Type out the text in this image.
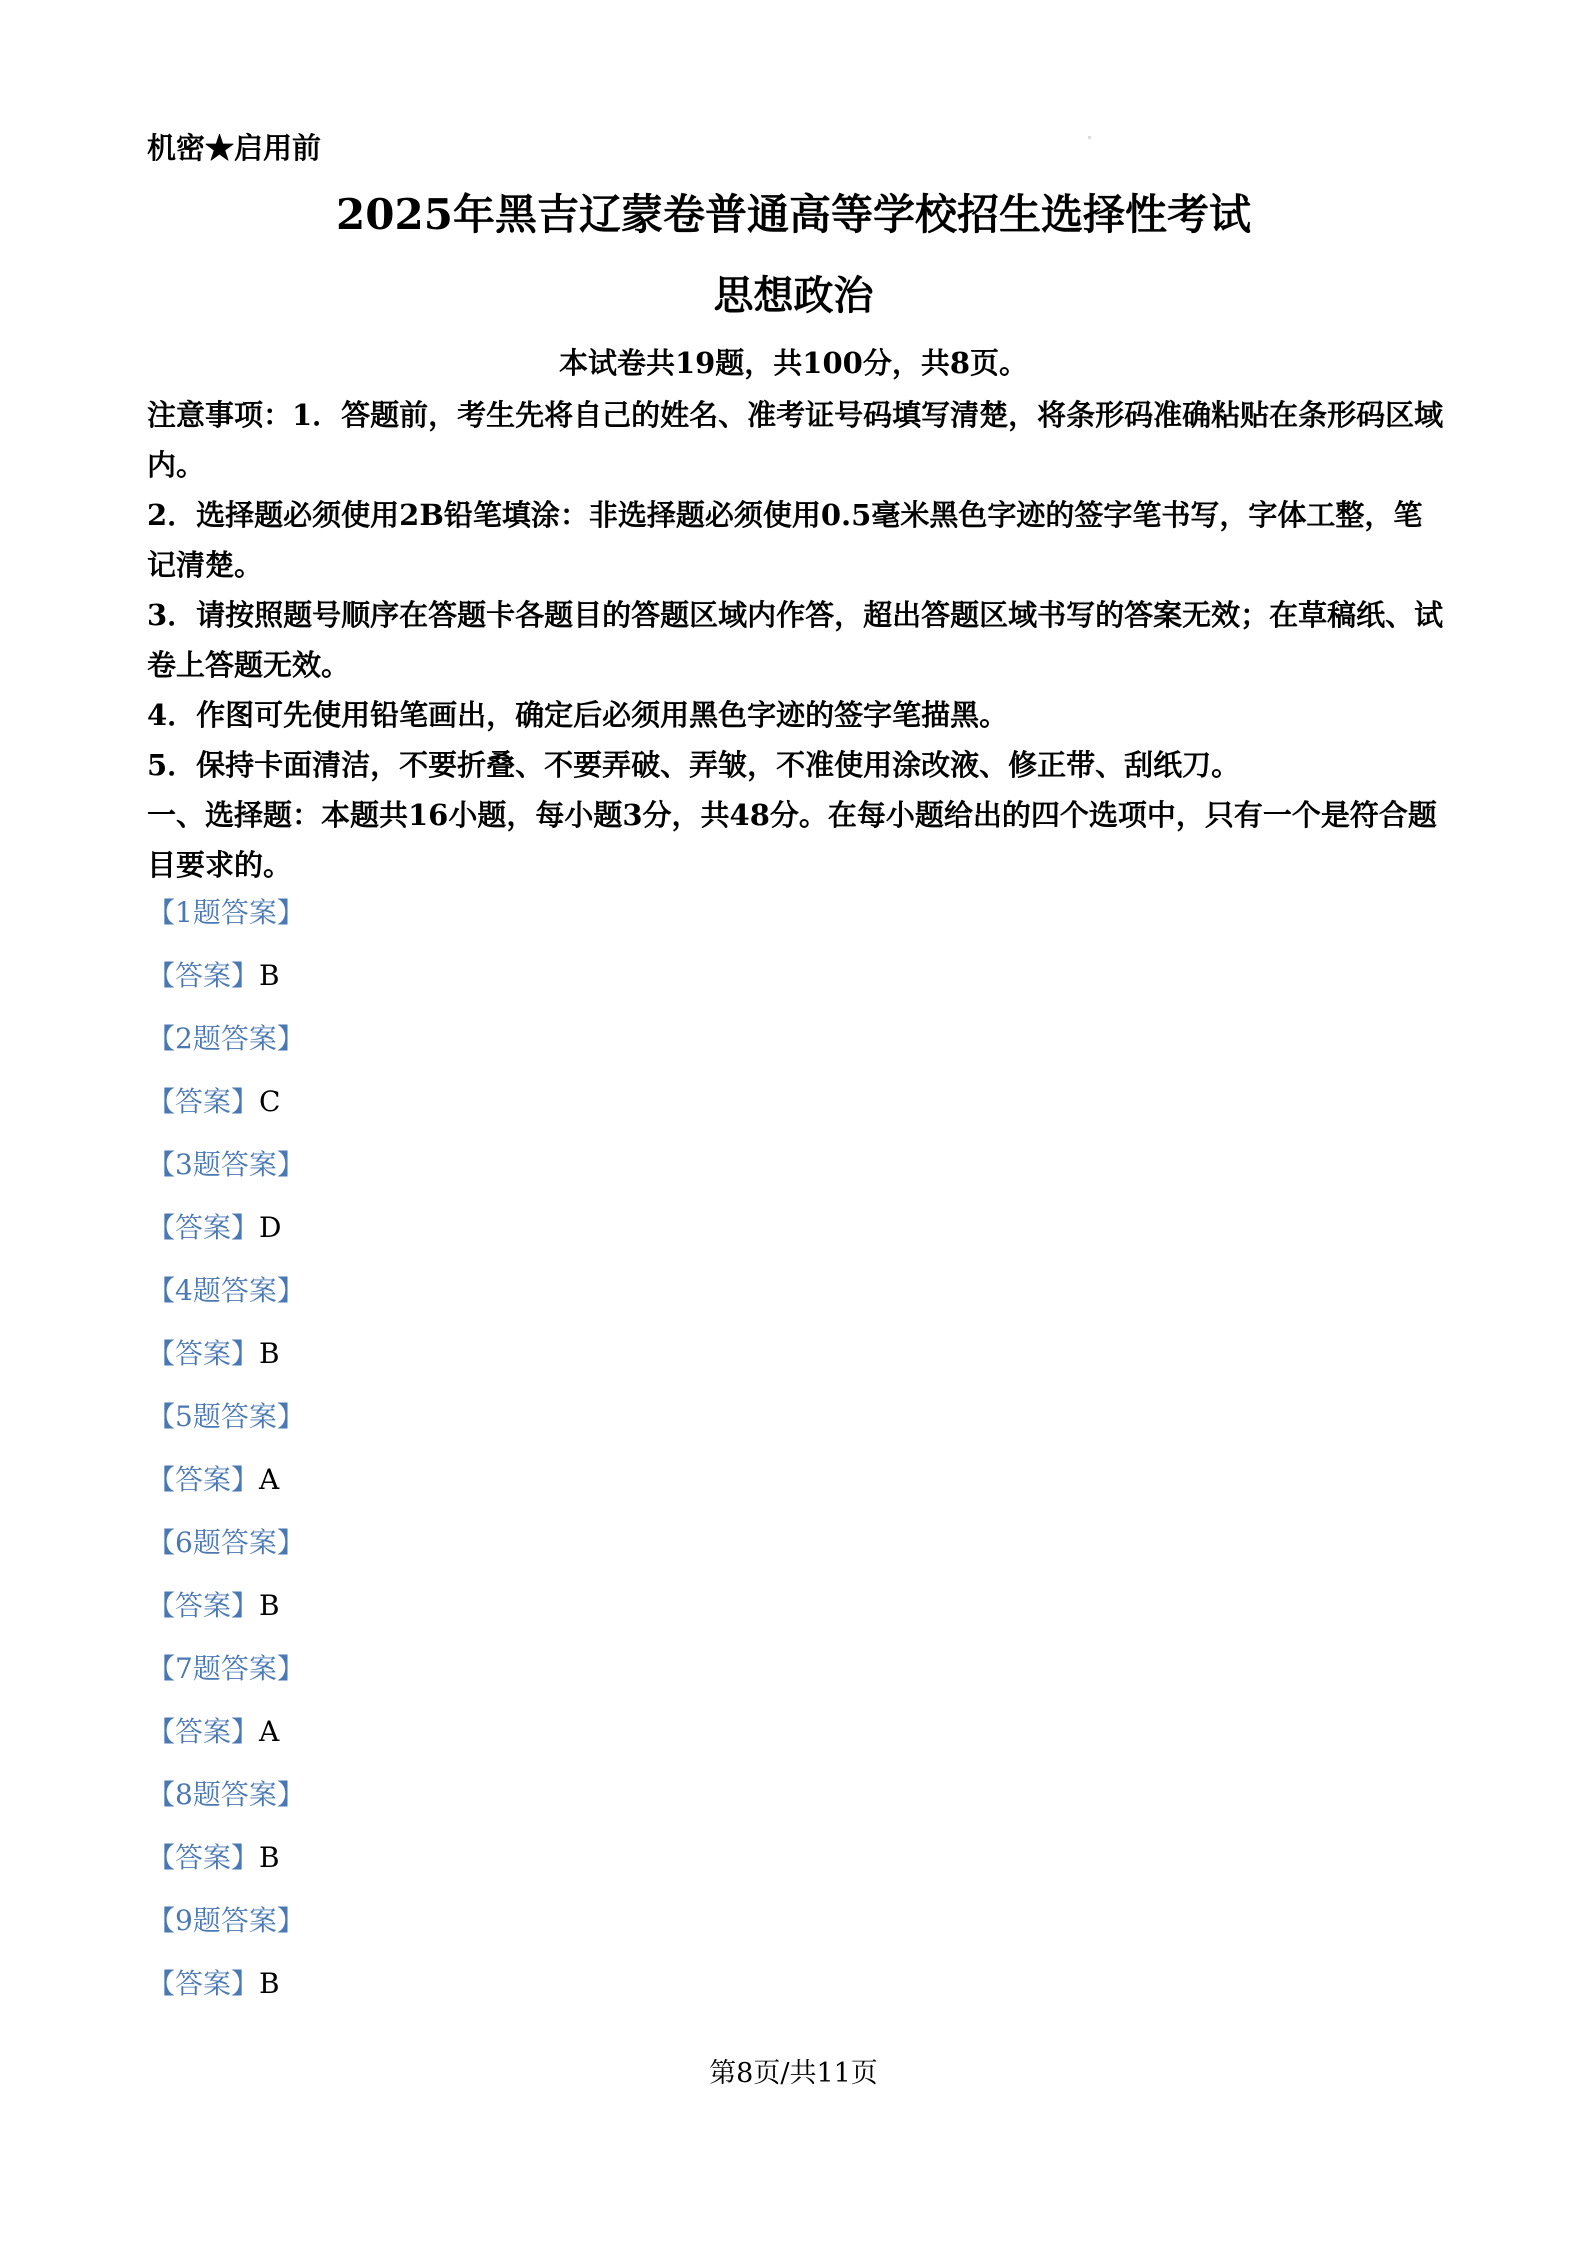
机密★启用前
2025年黑吉辽蒙卷普通高等学校招生选择性考试
思想政治
本试卷共19题，共100分，共8页。

注意事项：1．答题前，考生先将自己的姓名、准考证号码填写清楚，将条形码准确粘贴在条形码区域内。

2．选择题必须使用2B铅笔填涂：非选择题必须使用0.5毫米黑色字迹的签字笔书写，字体工整，笔记清楚。

3．请按照题号顺序在答题卡各题目的答题区域内作答，超出答题区域书写的答案无效；在草稿纸、试卷上答题无效。

4．作图可先使用铅笔画出，确定后必须用黑色字迹的签字笔描黑。

5．保持卡面清洁，不要折叠、不要弄破、弄皱，不准使用涂改液、修正带、刮纸刀。

一、选择题：本题共16小题，每小题3分，共48分。在每小题给出的四个选项中，只有一个是符合题目要求的。

【1题答案】
【答案】B
【2题答案】
【答案】C
【3题答案】
【答案】D
【4题答案】
【答案】B
【5题答案】
【答案】A
【6题答案】
【答案】B
【7题答案】
【答案】A
【8题答案】
【答案】B
【9题答案】
【答案】B
第8页/共11页
